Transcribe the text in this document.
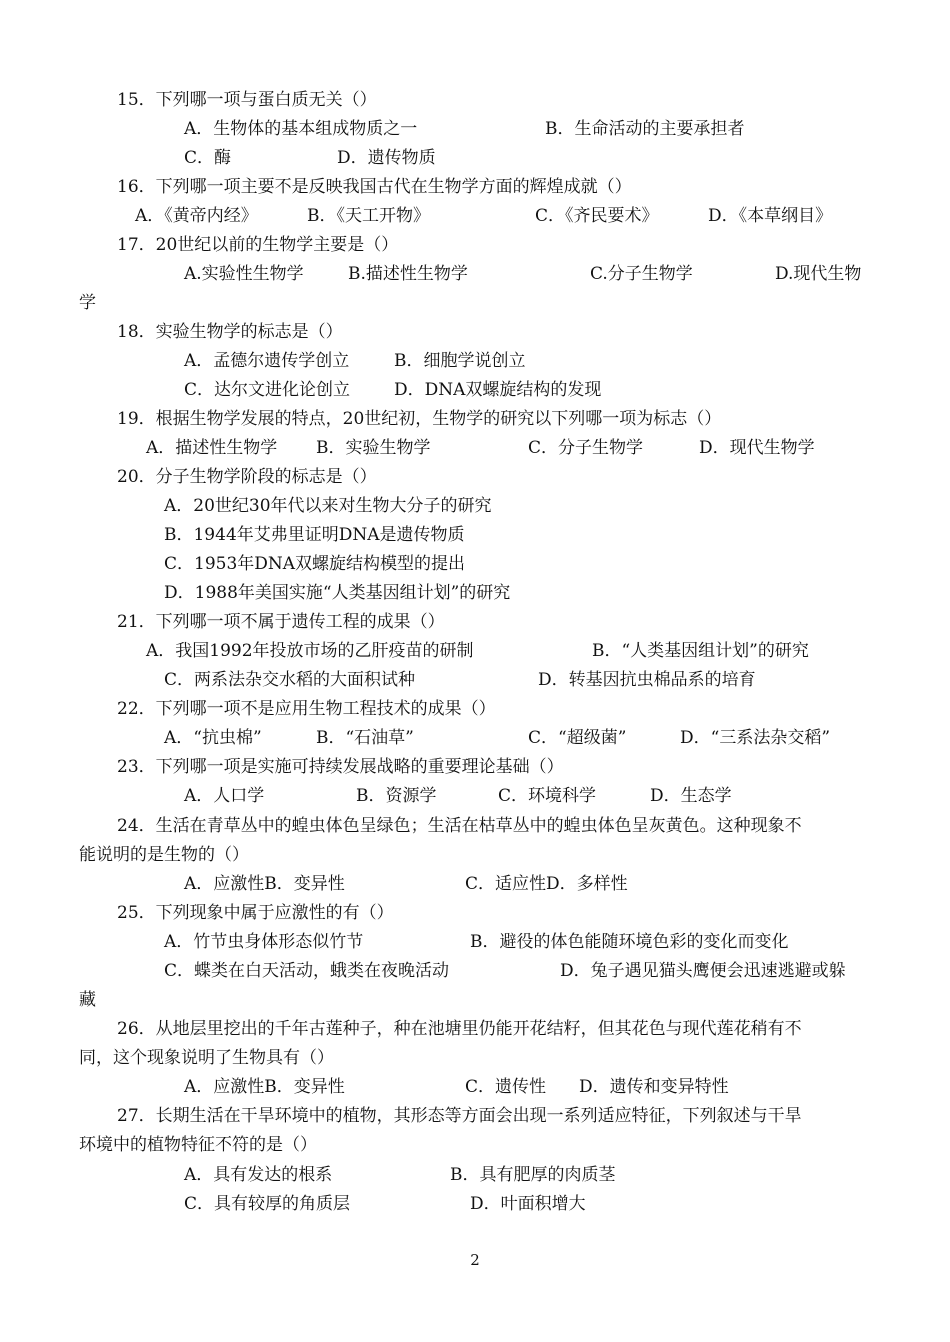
15．下列哪一项与蛋白质无关（）
A．生物体的基本组成物质之一	B．生命活动的主要承担者
C．酶	D．遗传物质
16．下列哪一项主要不是反映我国古代在生物学方面的辉煌成就（）
A．《黄帝内经》	B．《天工开物》	C．《齐民要术》	D．《本草纲目》
17．20世纪以前的生物学主要是（）
A.实验性生物学	B.描述性生物学	C.分子生物学	D.现代生物
学
18．实验生物学的标志是（）
A．孟德尔遗传学创立	B．细胞学说创立
C．达尔文进化论创立	D．DNA双螺旋结构的发现
19．根据生物学发展的特点，20世纪初，生物学的研究以下列哪一项为标志（）
A．描述性生物学 B．实验生物学	C．分子生物学	D．现代生物学
20．分子生物学阶段的标志是（）
A．20世纪30年代以来对生物大分子的研究
B．1944年艾弗里证明DNA是遗传物质
C．1953年DNA双螺旋结构模型的提出
D．1988年美国实施“人类基因组计划”的研究
21．下列哪一项不属于遗传工程的成果（）
A．我国1992年投放市场的乙肝疫苗的研制	B．“人类基因组计划”的研究
C．两系法杂交水稻的大面积试种	D．转基因抗虫棉品系的培育
22．下列哪一项不是应用生物工程技术的成果（）
A．“抗虫棉”	B．“石油草”	C．“超级菌”	D．“三系法杂交稻”
23．下列哪一项是实施可持续发展战略的重要理论基础（）
A．人口学	B．资源学	C．环境科学	D．生态学
24．生活在青草丛中的蝗虫体色呈绿色；生活在枯草丛中的蝗虫体色呈灰黄色。这种现象不
能说明的是生物的（）
A．应激性B．变异性	C．适应性D．多样性
25．下列现象中属于应激性的有（）
A．竹节虫身体形态似竹节	B．避役的体色能随环境色彩的变化而变化
C．蝶类在白天活动，蛾类在夜晚活动	D．兔子遇见猫头鹰便会迅速逃避或躲
藏
26．从地层里挖出的千年古莲种子，种在池塘里仍能开花结籽，但其花色与现代莲花稍有不
同，这个现象说明了生物具有（）
A．应激性B．变异性	C．遗传性 D．遗传和变异特性
27．长期生活在干旱环境中的植物，其形态等方面会出现一系列适应特征，下列叙述与干旱
环境中的植物特征不符的是（）
A．具有发达的根系	B．具有肥厚的肉质茎
C．具有较厚的角质层	D．叶面积增大
2
